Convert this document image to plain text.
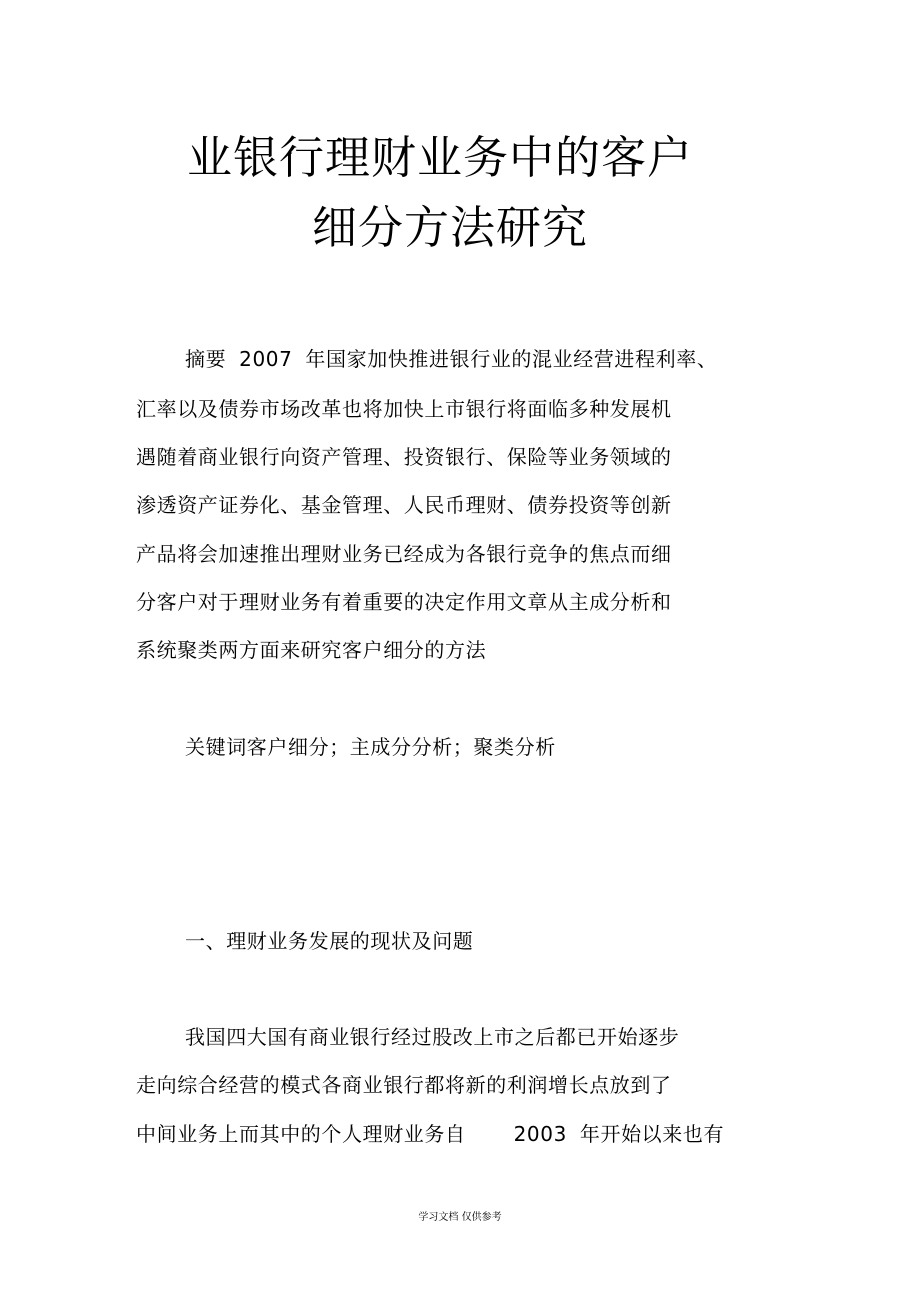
业银行理财业务中的客户
细分方法研究
摘要 2007 年国家加快推进银行业的混业经营进程利率、
汇率以及债券市场改革也将加快上市银行将面临多种发展机
遇随着商业银行向资产管理、投资银行、保险等业务领域的
渗透资产证券化、基金管理、人民币理财、债券投资等创新
产品将会加速推出理财业务已经成为各银行竞争的焦点而细
分客户对于理财业务有着重要的决定作用文章从主成分析和
系统聚类两方面来研究客户细分的方法
关键词客户细分；主成分分析；聚类分析
一、理财业务发展的现状及问题
我国四大国有商业银行经过股改上市之后都已开始逐步
走向综合经营的模式各商业银行都将新的利润增长点放到了
中间业务上而其中的个人理财业务自 2003 年开始以来也有
学习文档 仅供参考
